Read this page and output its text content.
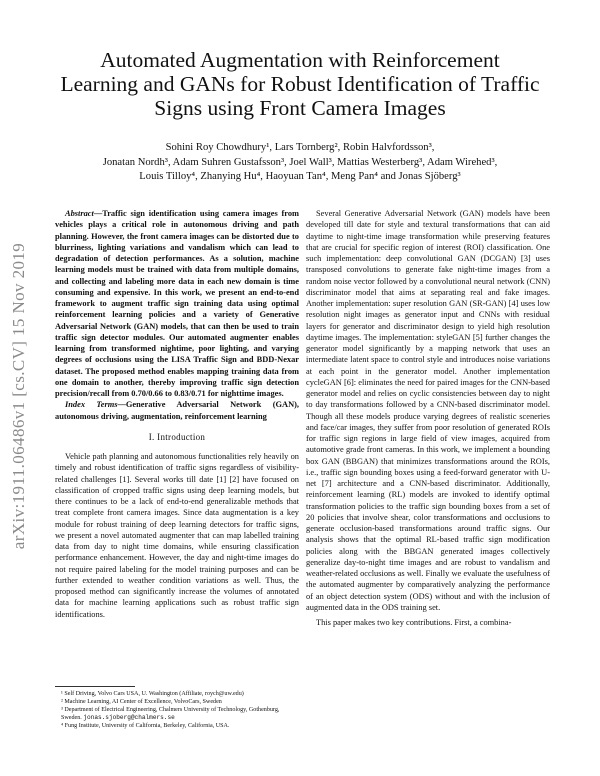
arXiv:1911.06486v1 [cs.CV] 15 Nov 2019
Automated Augmentation with Reinforcement Learning and GANs for Robust Identification of Traffic Signs using Front Camera Images

Sohini Roy Chowdhury¹, Lars Tornberg², Robin Halvfordsson³,

Jonatan Nordh³, Adam Suhren Gustafsson³, Joel Wall³, Mattias Westerberg³, Adam Wirehed³,

Louis Tilloy⁴, Zhanying Hu⁴, Haoyuan Tan⁴, Meng Pan⁴ and Jonas Sjöberg³

Abstract—Traffic sign identification using camera images from vehicles plays a critical role in autonomous driving and path planning. However, the front camera images can be distorted due to blurriness, lighting variations and vandalism which can lead to degradation of detection performances. As a solution, machine learning models must be trained with data from multiple domains, and collecting and labeling more data in each new domain is time consuming and expensive. In this work, we present an end-to-end framework to augment traffic sign training data using optimal reinforcement learning policies and a variety of Generative Adversarial Network (GAN) models, that can then be used to train traffic sign detector modules. Our automated augmenter enables learning from transformed nightime, poor lighting, and varying degrees of occlusions using the LISA Traffic Sign and BDD-Nexar dataset. The proposed method enables mapping training data from one domain to another, thereby improving traffic sign detection precision/recall from 0.70/0.66 to 0.83/0.71 for nighttime images.

Index Terms—Generative Adversarial Network (GAN), autonomous driving, augmentation, reinforcement learning

I. Introduction

Vehicle path planning and autonomous functionalities rely heavily on timely and robust identification of traffic signs regardless of visibility-related challenges [1]. Several works till date [1] [2] have focused on classification of cropped traffic signs using deep learning models, but there continues to be a lack of end-to-end generalizable methods that treat complete front camera images. Since data augmentation is a key module for robust training of deep learning detectors for traffic signs, we present a novel automated augmenter that can map labelled training data from day to night time domains, while ensuring classification performance enhancement. However, the day and night-time images do not require paired labeling for the model training purposes and can be further extended to weather condition variations as well. Thus, the proposed method can significantly increase the volumes of annotated data for machine learning applications such as robust traffic sign identifications.

¹ Self Driving, Volvo Cars USA, U. Washington (Affiliate, roych@uw.edu)

² Machine Learning, AI Center of Excellence, VolvoCars, Sweden

³ Department of Electrical Engineering, Chalmers University of Technology, Gothenburg, Sweden. jonas.sjoberg@chalmers.se

⁴ Fung Institute, University of California, Berkeley, California, USA.

Several Generative Adversarial Network (GAN) models have been developed till date for style and textural transformations that can aid daytime to night-time image transformation while preserving features that are crucial for specific region of interest (ROI) classification. One such implementation: deep convolutional GAN (DCGAN) [3] uses transposed convolutions to generate fake night-time images from a random noise vector followed by a convolutional neural network (CNN) discriminator model that aims at separating real and fake images. Another implementation: super resolution GAN (SR-GAN) [4] uses low resolution night images as generator input and CNNs with residual layers for generator and discriminator design to yield high resolution daytime images. The implementation: styleGAN [5] further changes the generator model significantly by a mapping network that uses an intermediate latent space to control style and introduces noise variations at each point in the generator model. Another implementation cycleGAN [6]: eliminates the need for paired images for the CNN-based generator model and relies on cyclic consistencies between day to night to day transformations followed by a CNN-based discriminator model. Though all these models produce varying degrees of realistic sceneries and face/car images, they suffer from poor resolution of generated ROIs for traffic sign regions in large field of view images, acquired from automotive grade front cameras. In this work, we implement a bounding box GAN (BBGAN) that minimizes transformations around the ROIs, i.e., traffic sign bounding boxes using a feed-forward generator with U-net [7] architecture and a CNN-based discriminator. Additionally, reinforcement learning (RL) models are invoked to identify optimal transformation policies to the traffic sign bounding boxes from a set of 20 policies that involve shear, color transformations and occlusions to generate occlusion-based transformations around traffic signs. Our analysis shows that the optimal RL-based traffic sign modification policies along with the BBGAN generated images collectively generalize day-to-night time images and are robust to vandalism and weather-related occlusions as well. Finally we evaluate the usefulness of the automated augmenter by comparatively analyzing the performance of an object detection system (ODS) without and with the inclusion of augmented data in the ODS training set.

This paper makes two key contributions. First, a combina-
